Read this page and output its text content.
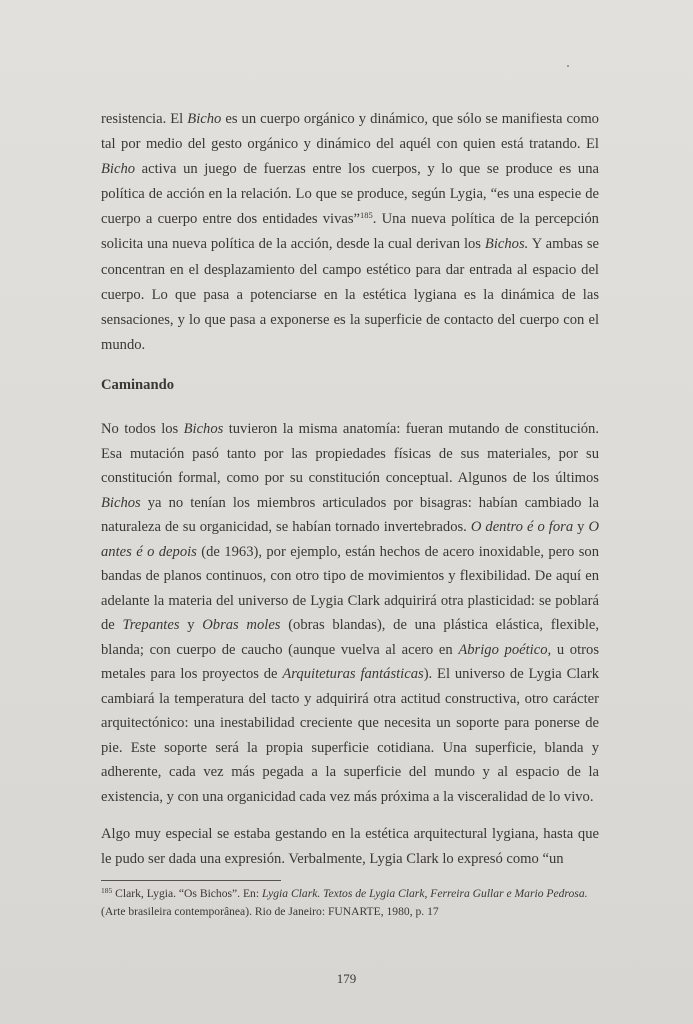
resistencia. El Bicho es un cuerpo orgánico y dinámico, que sólo se manifiesta como tal por medio del gesto orgánico y dinámico del aquél con quien está tratando. El Bicho activa un juego de fuerzas entre los cuerpos, y lo que se produce es una política de acción en la relación. Lo que se produce, según Lygia, “es una especie de cuerpo a cuerpo entre dos entidades vivas”$^{185}$. Una nueva política de la percepción solicita una nueva política de la acción, desde la cual derivan los Bichos. Y ambas se concentran en el desplazamiento del campo estético para dar entrada al espacio del cuerpo. Lo que pasa a potenciarse en la estética lygiana es la dinámica de las sensaciones, y lo que pasa a exponerse es la superficie de contacto del cuerpo con el mundo.

Caminando

No todos los Bichos tuvieron la misma anatomía: fueran mutando de constitución. Esa mutación pasó tanto por las propiedades físicas de sus materiales, por su constitución formal, como por su constitución conceptual. Algunos de los últimos Bichos ya no tenían los miembros articulados por bisagras: habían cambiado la naturaleza de su organicidad, se habían tornado invertebrados. O dentro é o fora y O antes é o depois (de 1963), por ejemplo, están hechos de acero inoxidable, pero son bandas de planos continuos, con otro tipo de movimientos y flexibilidad. De aquí en adelante la materia del universo de Lygia Clark adquirirá otra plasticidad: se poblará de Trepantes y Obras moles (obras blandas), de una plástica elástica, flexible, blanda; con cuerpo de caucho (aunque vuelva al acero en Abrigo poético, u otros metales para los proyectos de Arquiteturas fantásticas). El universo de Lygia Clark cambiará la temperatura del tacto y adquirirá otra actitud constructiva, otro carácter arquitectónico: una inestabilidad creciente que necesita un soporte para ponerse de pie. Este soporte será la propia superficie cotidiana. Una superficie, blanda y adherente, cada vez más pegada a la superficie del mundo y al espacio de la existencia, y con una organicidad cada vez más próxima a la visceralidad de lo vivo.

Algo muy especial se estaba gestando en la estética arquitectural lygiana, hasta que le pudo ser dada una expresión. Verbalmente, Lygia Clark lo expresó como “un

$^{185}$ Clark, Lygia. “Os Bichos”. En: Lygia Clark. Textos de Lygia Clark, Ferreira Gullar e Mario Pedrosa. (Arte brasileira contemporânea). Rio de Janeiro: FUNARTE, 1980, p. 17

179
